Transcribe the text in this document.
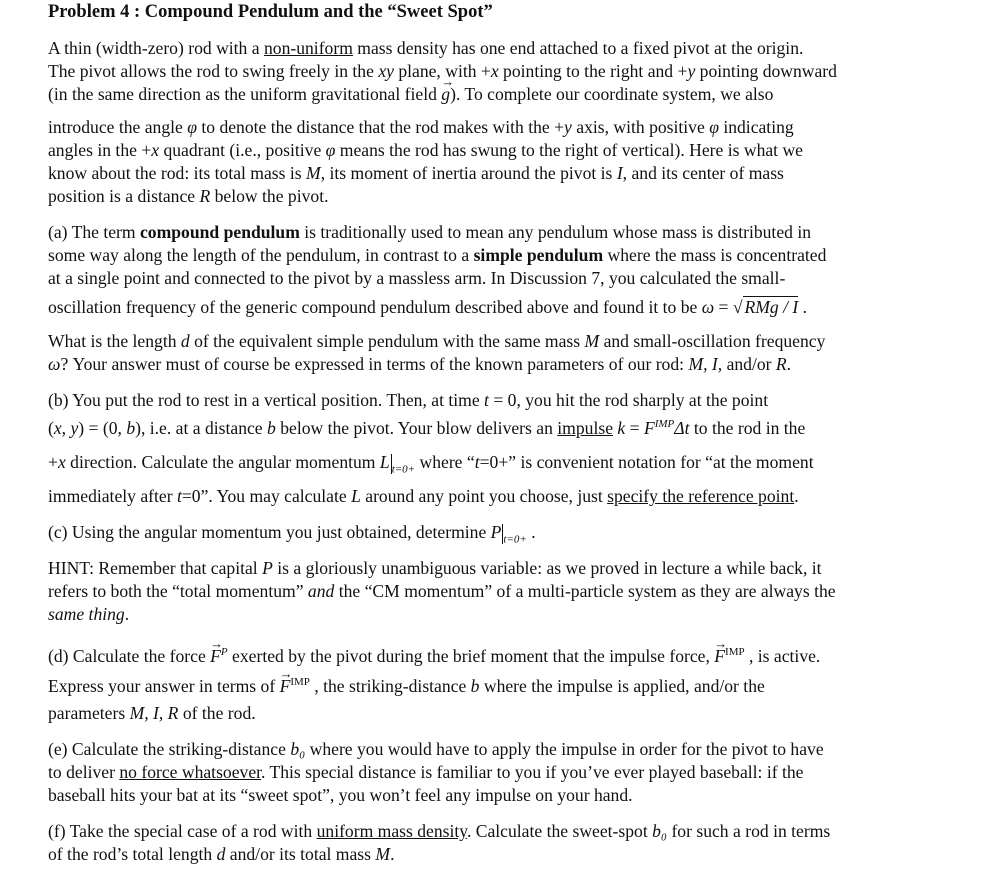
Problem 4 : Compound Pendulum and the “Sweet Spot”
A thin (width-zero) rod with a non-uniform mass density has one end attached to a fixed pivot at the origin.
The pivot allows the rod to swing freely in the xy plane, with +x pointing to the right and +y pointing downward
(in the same direction as the uniform gravitational field → g). To complete our coordinate system, we also
introduce the angle φ to denote the distance that the rod makes with the +y axis, with positive φ indicating
angles in the +x quadrant (i.e., positive φ means the rod has swung to the right of vertical). Here is what we
know about the rod: its total mass is M, its moment of inertia around the pivot is I, and its center of mass
position is a distance R below the pivot.
(a) The term compound pendulum is traditionally used to mean any pendulum whose mass is distributed in
some way along the length of the pendulum, in contrast to a simple pendulum where the mass is concentrated
at a single point and connected to the pivot by a massless arm. In Discussion 7, you calculated the small-
oscillation frequency of the generic compound pendulum described above and found it to be ω = √ RMg / I .
What is the length d of the equivalent simple pendulum with the same mass M and small-oscillation frequency
ω? Your answer must of course be expressed in terms of the known parameters of our rod: M, I, and/or R.
(b) You put the rod to rest in a vertical position. Then, at time t = 0, you hit the rod sharply at the point
(x, y) = (0, b), i.e. at a distance b below the pivot. Your blow delivers an impulse $k = F^{IMP}\Delta t$ to the rod in the
+x direction. Calculate the angular momentum L $_{t=0+}$ where “t=0+” is convenient notation for “at the moment
immediately after t=0”. You may calculate L around any point you choose, just specify the reference point.
(c) Using the angular momentum you just obtained, determine P $_{t=0+}$ .
HINT: Remember that capital P is a gloriously unambiguous variable: as we proved in lecture a while back, it
refers to both the “total momentum” and the “CM momentum” of a multi-particle system as they are always the
same thing.
(d) Calculate the force → $F^P$ exerted by the pivot during the brief moment that the impulse force, → $F^{IMP}$ , is active.
Express your answer in terms of → $F^{IMP}$ , the striking-distance b where the impulse is applied, and/or the
parameters M, I, R of the rod.
(e) Calculate the striking-distance b₀ where you would have to apply the impulse in order for the pivot to have
to deliver no force whatsoever. This special distance is familiar to you if you’ve ever played baseball: if the
baseball hits your bat at its “sweet spot”, you won’t feel any impulse on your hand.
(f) Take the special case of a rod with uniform mass density. Calculate the sweet-spot b₀ for such a rod in terms
of the rod’s total length d and/or its total mass M.
